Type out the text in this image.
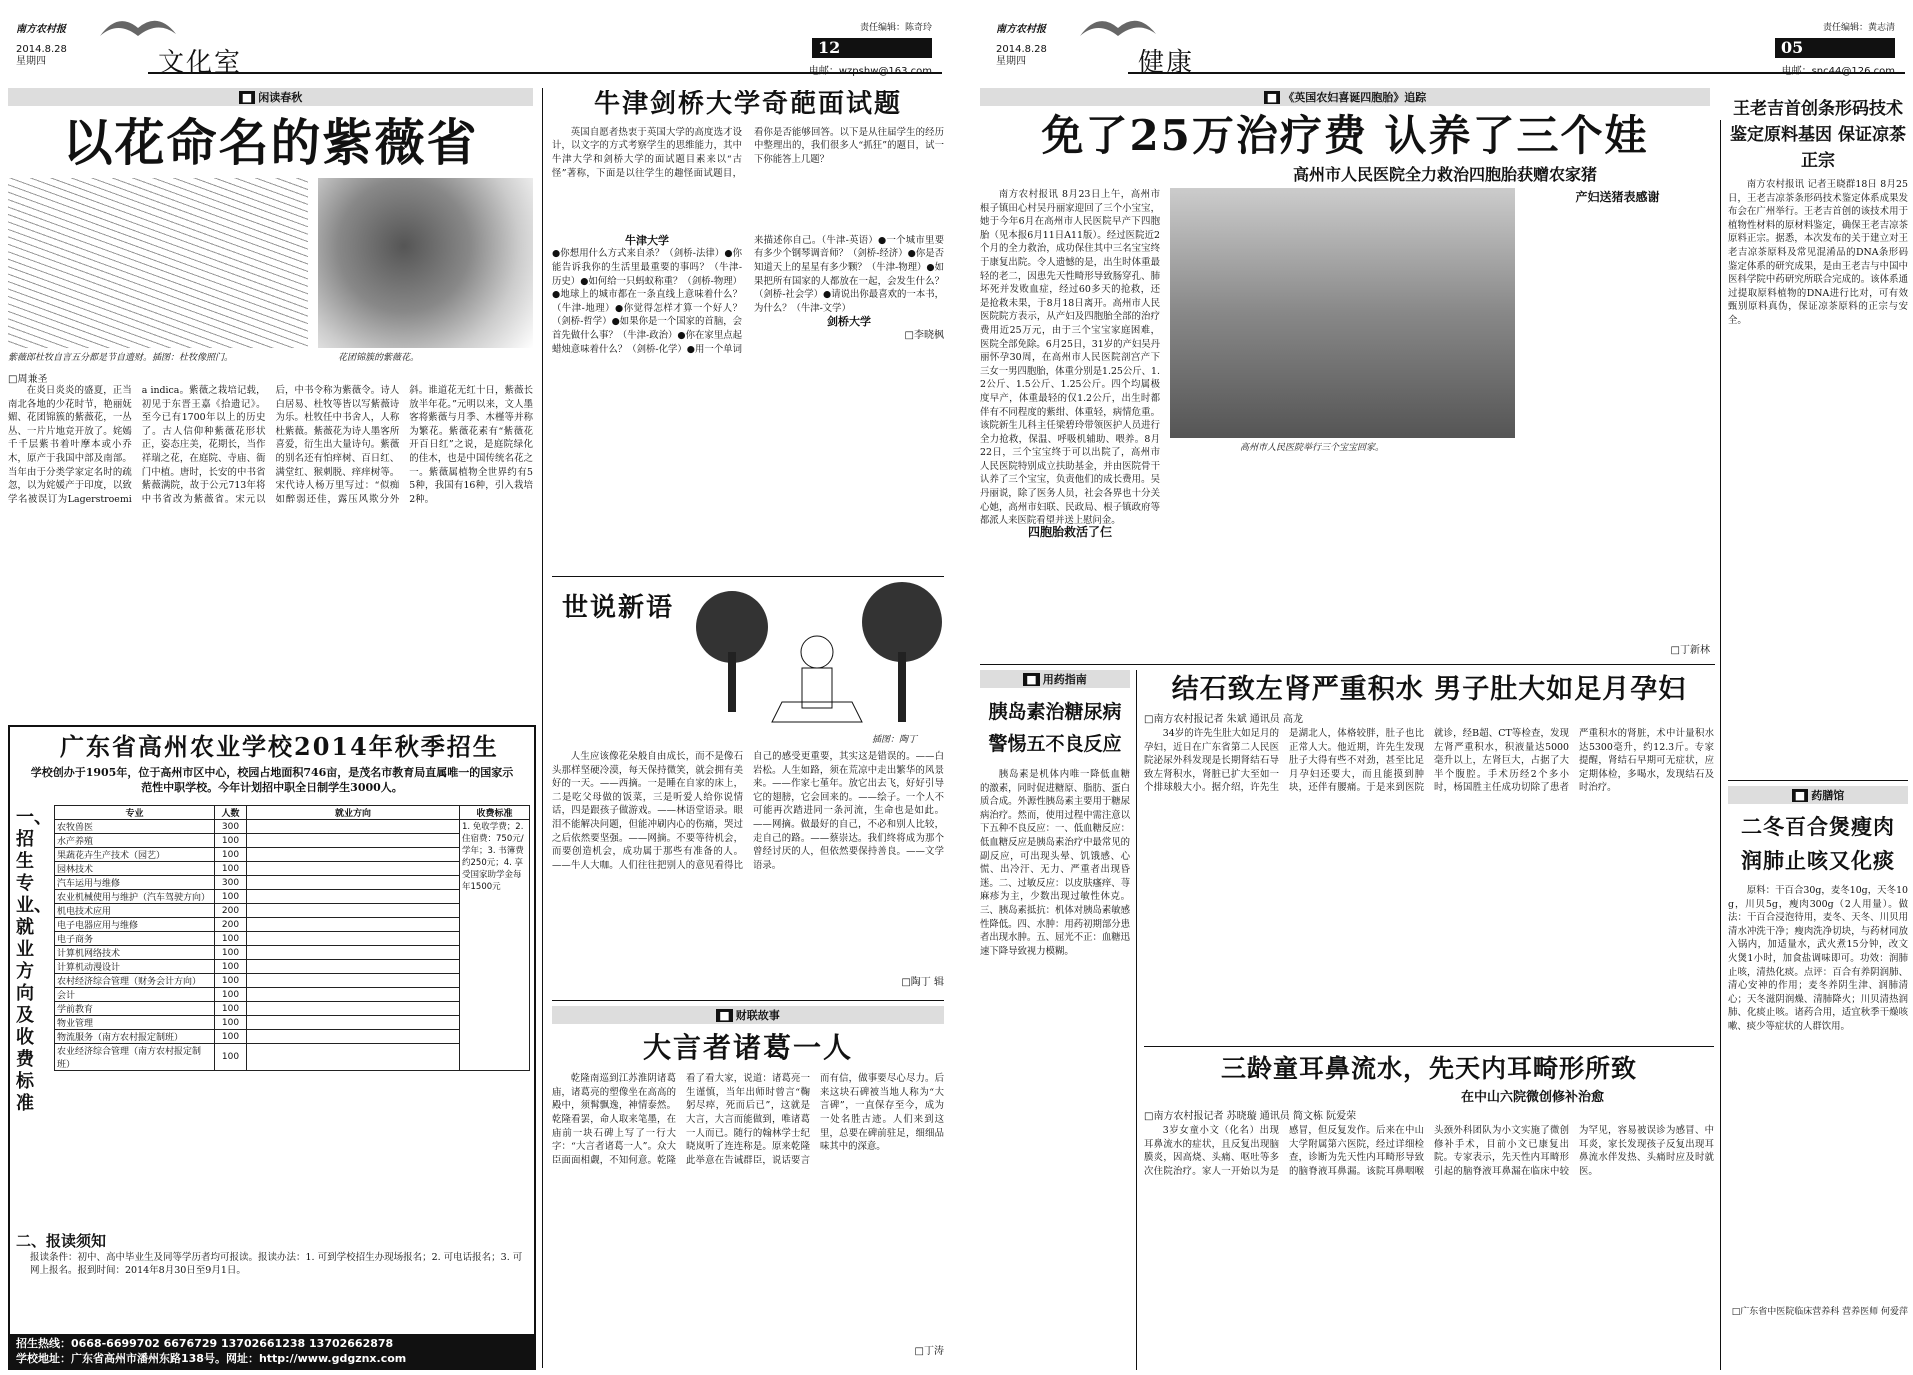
南方农村报
2014.8.28
星期四	文化室
责任编辑：陈奇玲
12
电邮：wzpshw@163.com
■ 闲读春秋
以花命名的紫薇省
紫薇郎杜牧自言五分都是节自遗财。插图：杜牧像照门。	花团锦簇的紫薇花。
□周兼圣
在炎日炎炎的盛夏，正当南北各地的少花时节，艳丽妩媚、花团锦簇的紫薇花，一丛丛、一片片地竞开放了。姹嫣千千层紫书着叶摩本或小乔木，原产于我国中部及南部。当年由于分类学家定名时的疏忽，以为姹媛产于印度，以致学名被误订为Lagerstroemia indica。紫薇之栽培记载，初见于东晋王嘉《拾遗记》。至今已有1700年以上的历史了。古人信仰种紫薇花形状正，姿态庄美，花期长，当作祥瑞之花，在庭院、寺庙、衙门中植。唐时，长安的中书省紫薇满院，故于公元713年将中书省改为紫薇省。宋元以后，中书令称为紫薇令。诗人白居易、杜牧等皆以写紫薇诗为乐。杜牧任中书舍人，人称杜紫薇。紫薇花为诗人墨客所喜爱，衍生出大量诗句。紫薇的别名还有怕痒树、百日红、满堂红、猴刺脱、痒痒树等。宋代诗人杨万里写过：“似痴如醉弱还佳，露压风欺分外斜。谁道花无红十日，紫薇长放半年花。”元明以来，文人墨客将紫薇与月季、木槿等并称为繁花。紫薇花素有“紫薇花开百日红”之说，是庭院绿化的佳木，也是中国传统名花之一。紫薇属植物全世界约有55种，我国有16种，引入栽培2种。
牛津剑桥大学奇葩面试题
英国自愿者热衷于英国大学的高度选才设计，以文字的方式考察学生的思维能力，其中牛津大学和剑桥大学的面试题目素来以“古怪”著称，下面是以往学生的趣怪面试题目，看你是否能够回答。以下是从往届学生的经历中整理出的，我们很多人“抓狂”的题目，试一下你能答上几题？
牛津大学
●你想用什么方式来自杀？（剑桥-法律）●你能告诉我你的生活里最重要的事吗？（牛津-历史）●如何给一只蚂蚁称重？（剑桥-物理）●地球上的城市都在一条直线上意味着什么？（牛津-地理）●你觉得怎样才算一个好人？（剑桥-哲学）●如果你是一个国家的首脑，会首先做什么事？（牛津-政治）●你在家里点起蜡烛意味着什么？（剑桥-化学）●用一个单词来描述你自己。（牛津-英语）●一个城市里要有多少个钢琴调音师？（剑桥-经济）●你是否知道天上的星星有多少颗？（牛津-物理）●如果把所有国家的人都放在一起，会发生什么？（剑桥-社会学）●请说出你最喜欢的一本书，为什么？（牛津-文学）
剑桥大学
□李晓枫
世说新语
插图：陶丁
人生应该像花朵般自由成长，而不是像石头那样坚硬冷漠，每天保持微笑，就会拥有美好的一天。——西摘。一是睡在自家的床上，二是吃父母做的饭菜，三是听爱人给你说情话，四是跟孩子做游戏。——林语堂语录。眼泪不能解决问题，但能冲刷内心的伤痛，哭过之后依然要坚强。——网摘。不要等待机会，而要创造机会，成功属于那些有准备的人。——牛人大咖。人们往往把别人的意见看得比自己的感受更重要，其实这是错误的。——白岩松。人生如路，须在荒凉中走出繁华的风景来。——作家七堇年。放它出去飞，好好引导它的翅膀，它会回来的。——绘子。一个人不可能再次踏进同一条河流，生命也是如此。——网摘。做最好的自己，不必和别人比较，走自己的路。——蔡崇达。我们终将成为那个曾经讨厌的人，但依然要保持善良。——文学语录。
□陶丁 辑
■ 财联故事
大言者诸葛一人
乾隆南巡到江苏淮阴诸葛庙，诸葛亮的塑像坐在高高的殿中，须髯飘逸，神情泰然。乾隆看罢，命人取来笔墨，在庙前一块石碑上写了一行大字：“大言者诸葛一人”。众大臣面面相觑，不知何意。乾隆看了看大家，说道：诸葛亮一生谨慎，当年出师时曾言“鞠躬尽瘁，死而后已”，这就是大言，大言而能做到，唯诸葛一人而已。随行的翰林学士纪晓岚听了连连称是。原来乾隆此举意在告诫群臣，说话要言而有信，做事要尽心尽力。后来这块石碑被当地人称为“大言碑”，一直保存至今，成为一处名胜古迹。人们来到这里，总要在碑前驻足，细细品味其中的深意。
□丁涛
广东省高州农业学校2014年秋季招生
学校创办于1905年，位于高州市区中心，校园占地面积746亩，是茂名市教育局直属唯一的国家示范性中职学校。今年计划招中职全日制学生3000人。
一、招生专业、就业方向及收费标准
专业	人数	就业方向	收费标准
农牧兽医	300		1. 免收学费；2. 住宿费：750元/学年；3. 书簿费约250元；4. 享受国家助学金每年1500元
水产养殖	100		
果蔬花卉生产技术（园艺）	100		
园林技术	100		
汽车运用与维修	300		
农业机械使用与维护（汽车驾驶方向）	100		
机电技术应用	200		
电子电器应用与维修	200		
电子商务	100		
计算机网络技术	100		
计算机动漫设计	100		
农村经济综合管理（财务会计方向）	100		
会计	100		
学前教育	100		
物业管理	100		
物流服务（南方农村报定制班）	100		
农业经济综合管理（南方农村报定制班）	100		
二、报读须知
报读条件：初中、高中毕业生及同等学历者均可报读。报读办法：1. 可到学校招生办现场报名；2. 可电话报名；3. 可网上报名。报到时间：2014年8月30日至9月1日。
招生热线：0668-6699702 6676729 13702661238 13702662878
学校地址：广东省高州市潘州东路138号。网址：http://www.gdgznx.com
南方农村报
2014.8.28
星期四	健康
责任编辑：黄志清
05
电邮：snc44@126.com
■ 《英国农妇喜诞四胞胎》追踪
免了25万治疗费 认养了三个娃
高州市人民医院全力救治四胞胎获赠农家猪
高州市人民医院举行三个宝宝回家。
南方农村报讯 8月23日上午，高州市根子镇田心村吴丹丽家迎回了三个小宝宝，她于今年6月在高州市人民医院早产下四胞胎（见本报6月11日A11版）。经过医院近2个月的全力救治，成功保住其中三名宝宝终于康复出院。令人遗憾的是，出生时体重最轻的老二，因患先天性畸形导致肠穿孔、肺坏死并发败血症，经过60多天的抢救，还是抢救未果，于8月18日离开。高州市人民医院院方表示，从产妇及四胞胎全部的治疗费用近25万元，由于三个宝宝家庭困难，医院全部免除。6月25日，31岁的产妇吴丹丽怀孕30周，在高州市人民医院剖宫产下三女一男四胞胎，体重分别是1.25公斤、1.2公斤、1.5公斤、1.25公斤。四个均属极度早产，体重最轻的仅1.2公斤，出生时都伴有不同程度的紫绀、体重轻，病情危重。该院新生儿科主任梁碧玲带领医护人员进行全力抢救，保温、呼吸机辅助、喂养。8月22日，三个宝宝终于可以出院了，高州市人民医院特别成立扶助基金，并由医院骨干认养了三个宝宝，负责他们的成长费用。吴丹丽说，除了医务人员，社会各界也十分关心她，高州市妇联、民政局、根子镇政府等都派人来医院看望并送上慰问金。
四胞胎救活了仨
产妇送猪表感谢
□丁新林
王老吉首创条形码技术 鉴定原料基因 保证凉茶正宗
南方农村报讯 记者王晓群18日 8月25日，王老吉凉茶条形码技术鉴定体系成果发布会在广州举行。王老吉首创的该技术用于植物性材料的原材料鉴定，确保王老吉凉茶原料正宗。据悉，本次发布的关于建立对王老吉凉茶原料及常见混淆品的DNA条形码鉴定体系的研究成果，是由王老吉与中国中医科学院中药研究所联合完成的。该体系通过提取原料植物的DNA进行比对，可有效甄别原料真伪，保证凉茶原料的正宗与安全。
■ 药膳馆
二冬百合煲瘦肉 润肺止咳又化痰
原料：干百合30g，麦冬10g，天冬10g，川贝5g，瘦肉300g（2人用量）。做法：干百合浸泡待用，麦冬、天冬、川贝用清水冲洗干净；瘦肉洗净切块，与药材同放入锅内，加适量水，武火煮15分钟，改文火煲1小时，加食盐调味即可。功效：润肺止咳，清热化痰。点评：百合有养阴润肺、清心安神的作用；麦冬养阴生津、润肺清心；天冬滋阴润燥、清肺降火；川贝清热润肺、化痰止咳。诸药合用，适宜秋季干燥咳嗽、痰少等症状的人群饮用。
□广东省中医院临床营养科 营养医师 何爱萍
■ 用药指南
胰岛素治糖尿病 警惕五不良反应
胰岛素是机体内唯一降低血糖的激素，同时促进糖原、脂肪、蛋白质合成。外源性胰岛素主要用于糖尿病治疗。然而，使用过程中需注意以下五种不良反应：一、低血糖反应：低血糖反应是胰岛素治疗中最常见的副反应，可出现头晕、饥饿感、心慌、出冷汗、无力、严重者出现昏迷。二、过敏反应：以皮肤瘙痒、荨麻疹为主，少数出现过敏性休克。三、胰岛素抵抗：机体对胰岛素敏感性降低。四、水肿：用药初期部分患者出现水肿。五、屈光不正：血糖迅速下降导致视力模糊。
结石致左肾严重积水 男子肚大如足月孕妇
□南方农村报记者 朱斌 通讯员 高龙
34岁的许先生肚大如足月的孕妇，近日在广东省第二人民医院泌尿外科发现是长期肾结石导致左肾积水，肾脏已扩大至如一个排球般大小。据介绍，许先生是湖北人，体格较胖，肚子也比正常人大。他近期，许先生发现肚子大得有些不对劲，甚至比足月孕妇还要大，而且能摸到肿块，还伴有腰痛。于是来到医院就诊，经B超、CT等检查，发现左肾严重积水，积液量达5000毫升以上，左肾巨大，占据了大半个腹腔。手术历经2个多小时，杨国胜主任成功切除了患者严重积水的肾脏，术中计量积水达5300毫升，约12.3斤。专家提醒，肾结石早期可无症状，应定期体检，多喝水，发现结石及时治疗。
三龄童耳鼻流水，先天内耳畸形所致
在中山六院微创修补治愈
□南方农村报记者 苏晓璇 通讯员 简文栋 阮爱荣
3岁女童小文（化名）出现耳鼻流水的症状，且反复出现脑膜炎，因高烧、头痛、呕吐等多次住院治疗。家人一开始以为是感冒，但反复发作。后来在中山大学附属第六医院，经过详细检查，诊断为先天性内耳畸形导致的脑脊液耳鼻漏。该院耳鼻咽喉头颈外科团队为小文实施了微创修补手术，目前小文已康复出院。专家表示，先天性内耳畸形引起的脑脊液耳鼻漏在临床中较为罕见，容易被误诊为感冒、中耳炎，家长发现孩子反复出现耳鼻流水伴发热、头痛时应及时就医。
